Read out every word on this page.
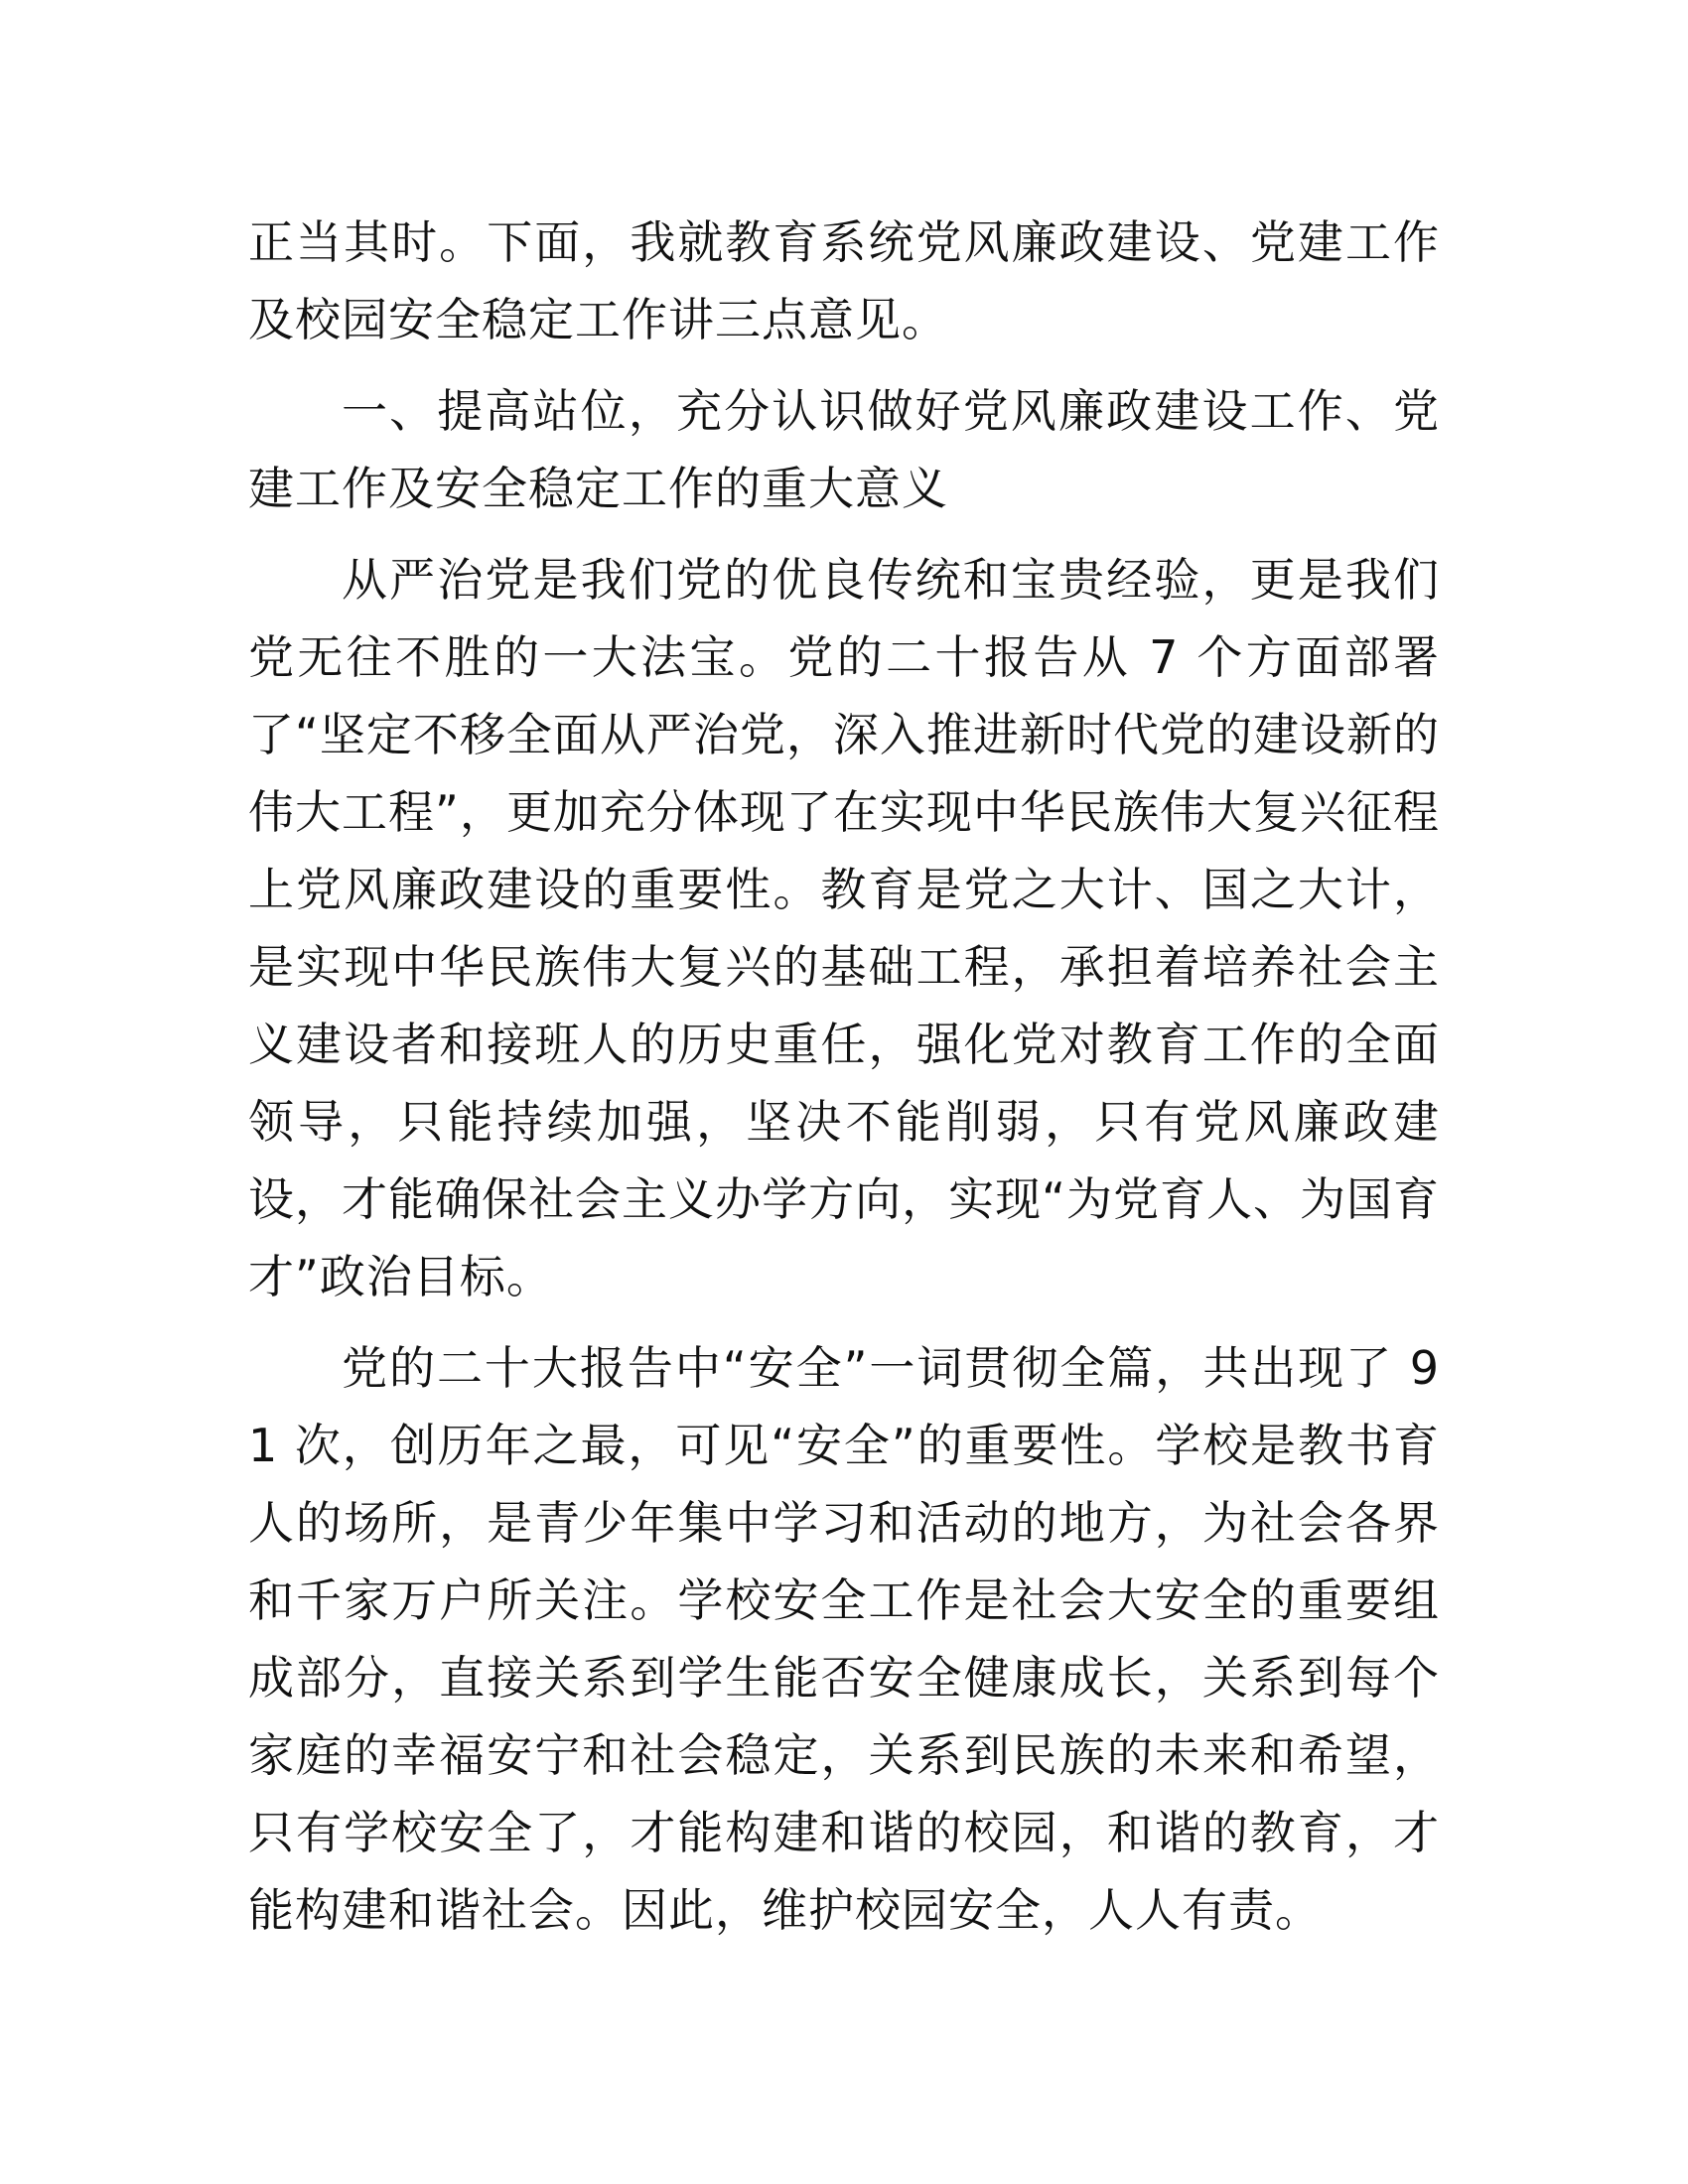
正当其时。下面，我就教育系统党风廉政建设、党建工作及校园安全稳定工作讲三点意见。

一、提高站位，充分认识做好党风廉政建设工作、党建工作及安全稳定工作的重大意义

从严治党是我们党的优良传统和宝贵经验，更是我们党无往不胜的一大法宝。党的二十报告从 7 个方面部署了“坚定不移全面从严治党，深入推进新时代党的建设新的伟大工程”，更加充分体现了在实现中华民族伟大复兴征程上党风廉政建设的重要性。教育是党之大计、国之大计，是实现中华民族伟大复兴的基础工程，承担着培养社会主义建设者和接班人的历史重任，强化党对教育工作的全面领导，只能持续加强，坚决不能削弱，只有党风廉政建设，才能确保社会主义办学方向，实现“为党育人、为国育才”政治目标。

党的二十大报告中“安全”一词贯彻全篇，共出现了 91 次，创历年之最，可见“安全”的重要性。学校是教书育人的场所，是青少年集中学习和活动的地方，为社会各界和千家万户所关注。学校安全工作是社会大安全的重要组成部分，直接关系到学生能否安全健康成长，关系到每个家庭的幸福安宁和社会稳定，关系到民族的未来和希望，只有学校安全了，才能构建和谐的校园，和谐的教育，才能构建和谐社会。因此，维护校园安全，人人有责。
